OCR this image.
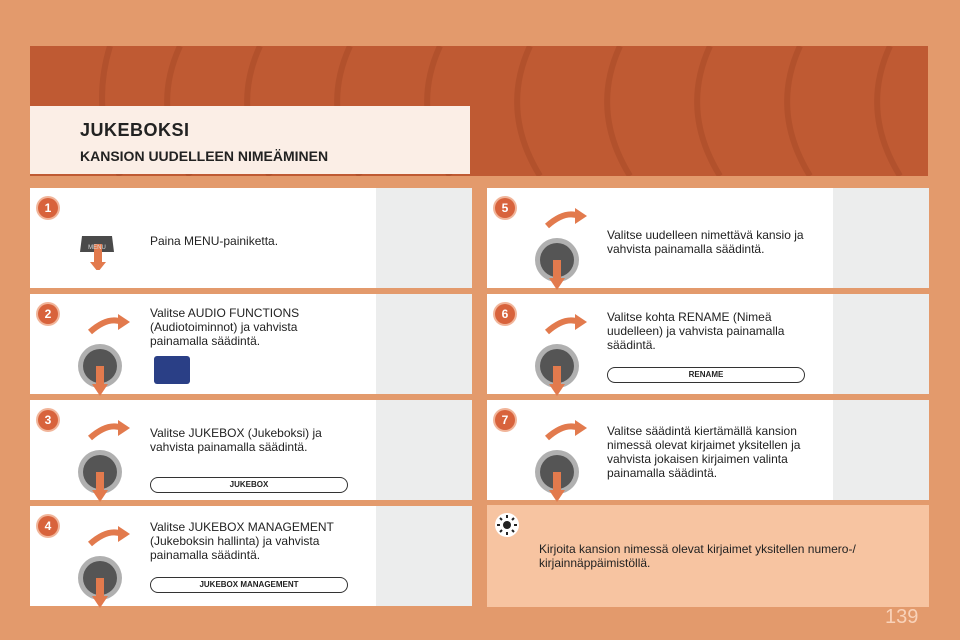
JUKEBOKSI
KANSION UUDELLEEN NIMEÄMINEN
1
MENU	Paina MENU-painiketta.
2	Valitse AUDIO FUNCTIONS (Audiotoiminnot) ja vahvista painamalla säädintä.
3
Valitse JUKEBOX (Jukeboksi) ja vahvista painamalla säädintä.
JUKEBOX
4	Valitse JUKEBOX MANAGEMENT (Jukeboksin hallinta) ja vahvista painamalla säädintä.
JUKEBOX MANAGEMENT
5
Valitse uudelleen nimettävä kansio ja vahvista painamalla säädintä.
6	Valitse kohta RENAME (Nimeä uudelleen) ja vahvista painamalla säädintä.
RENAME
7
Valitse säädintä kiertämällä kansion nimessä olevat kirjaimet yksitellen ja vahvista jokaisen kirjaimen valinta painamalla säädintä.
Kirjoita kansion nimessä olevat kirjaimet yksitellen numero-/ kirjainnäppäimistöllä.
139
